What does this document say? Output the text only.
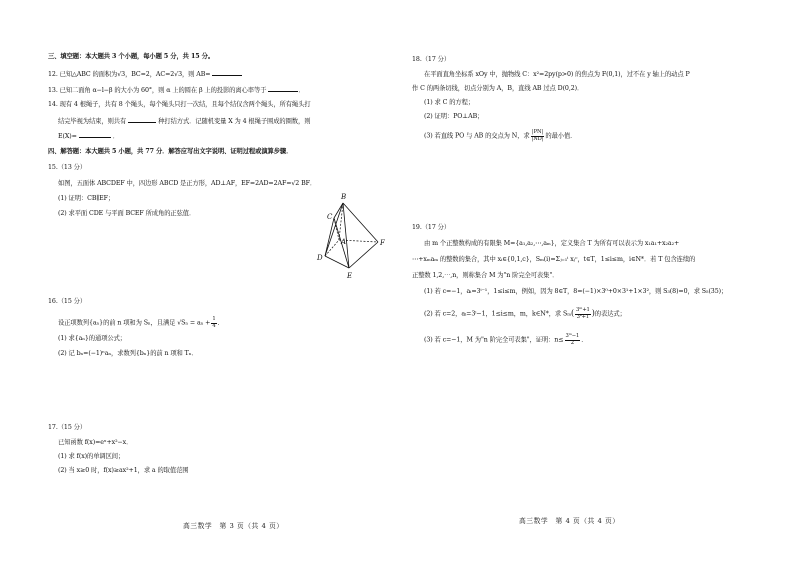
三、填空题：本大题共 3 个小题，每小题 5 分，共 15 分。
12. 已知△ABC 的面积为√3，BC=2，AC=2√3，则 AB=
13. 已知二面角 α−l−β 的大小为 60°，则 α 上的圆在 β 上的投影的离心率等于	．
14. 现有 4 根绳子，共有 8 个绳头，每个绳头只打一次结，且每个结仅含两个绳头，所有绳头打
结完毕视为结束，则共有	种打结方式．记随机变量 X 为 4 根绳子围成的圈数，则
E(X)=	．
四、解答题：本大题共 5 小题，共 77 分．解答应写出文字说明、证明过程或演算步骤．
15.（13 分）
如图，五面体 ABCDEF 中，四边形 ABCD 是正方形，AD⊥AF，EF=2AD=2AF=√2 BF．
(1) 证明：CB∥EF；
(2) 求平面 CDE 与平面 BCEF 所成角的正弦值．
B
C
A	F
D
E
16.（15 分）
设正项数列{aₙ}的前 n 项和为 Sₙ，且满足 $√S_n = a_n + \frac{1}{4}$ ．
(1) 求{aₙ}的通项公式；
(2) 记 bₙ=(−1)ⁿaₙ，求数列{bₙ}的前 n 项和 Tₙ．
17.（15 分）
已知函数 f(x)=eˣ+x²−x．
(1) 求 f(x)的单调区间；
(2) 当 x≥0 时，f(x)≥ax²+1，求 a 的取值范围
高三数学　第 3 页（共 4 页）
18.（17 分）
在平面直角坐标系 xOy 中，抛物线 C：x²=2py(p>0) 的焦点为 F(0,1)，过不在 y 轴上的动点 P
作 C 的两条切线，切点分别为 A，B，直线 AB 过点 D(0,2)．
(1) 求 C 的方程；
(2) 证明：PO⊥AB；
(3) 若直线 PO 与 AB 的交点为 N，求 $\frac{|PN|}{|ND|}$ 的最小值．
19.（17 分）
由 m 个正整数构成的有限集 M={a₁,a₂,⋯,aₘ}，定义集合 T 为所有可以表示为 x₁a₁+x₂a₂+
⋯+xₘaₘ 的整数的集合，其中 xᵢ∈{0,1,c}，Sₘ(i)=Σⱼ₌₁ⁱ xⱼᶜ，t∈T，1≤i≤m，i∈N*．若 T 包含连续的
正整数 1,2,⋯,n，则称集合 M 为"n 阶完全可表集"．
(1) 若 c=−1，aᵢ=3ⁱ⁻¹，1≤i≤m，例如，因为 8∈T，8=(−1)×3⁰+0×3¹+1×3²，则 S₃(8)=0，求 S₅(35)；
(2) 若 c=2，aᵢ=3ⁱ−1，1≤i≤m，m，k∈N*，求 $S_m( \frac{\text{3ᵐ+1}}{\text{3ᵏ+1}}$ )的表达式；
(3) 若 c=−1，M 为"n 阶完全可表集"，证明：$n\le \frac{\text{3ᵐ−1}}{2}$ ．
高三数学　第 4 页（共 4 页）
